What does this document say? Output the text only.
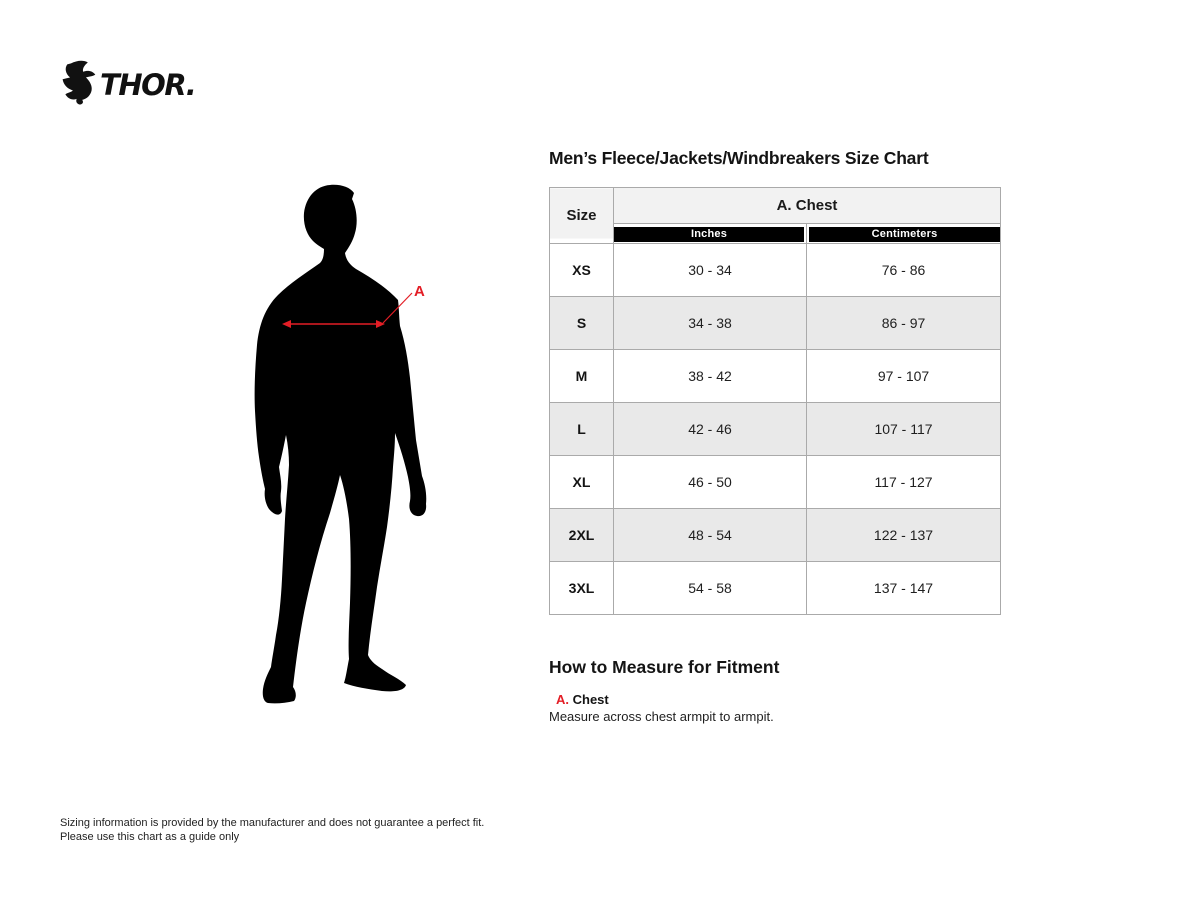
THOR.
A
Men’s Fleece/Jackets/Windbreakers Size Chart
Size	A. Chest	

	Inches	Centimeters

XS	30 - 34	76 - 86
S	34 - 38	86 - 97
M	38 - 42	97 - 107
L	42 - 46	107 - 117
XL	46 - 50	117 - 127
2XL	48 - 54	122 - 137
3XL	54 - 58	137 - 147
How to Measure for Fitment
A. Chest
Measure across chest armpit to armpit.
Sizing information is provided by the manufacturer and does not guarantee a perfect fit.
Please use this chart as a guide only
